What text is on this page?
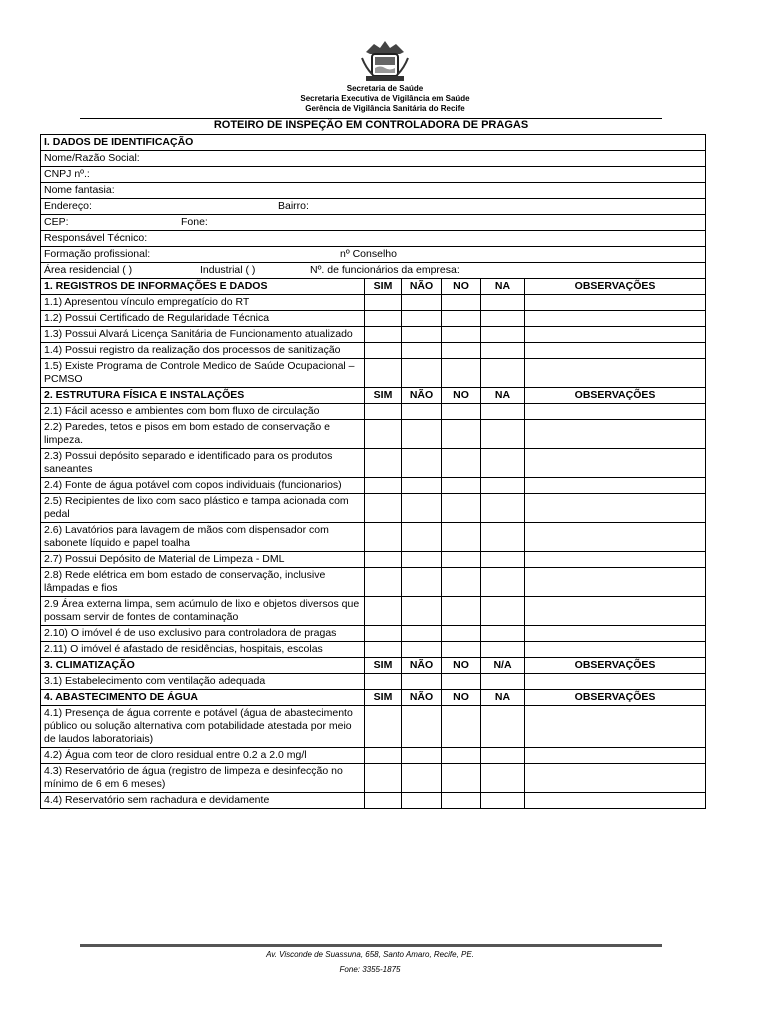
Secretaria de Saúde
Secretaria Executiva de Vigilância em Saúde
Gerência de Vigilância Sanitária do Recife
ROTEIRO DE INSPEÇÃO EM CONTROLADORA DE PRAGAS
I. DADOS DE IDENTIFICAÇÃO					
Nome/Razão Social:					
CNPJ nº.:					
Nome fantasia:					
Endereço: Bairro:					
CEP: Fone:					
Responsável Técnico:					
Formação profissional: nº Conselho					
Área residencial ( ) Industrial ( ) Nº. de funcionários da empresa:					
1. REGISTROS DE INFORMAÇÕES E DADOS	SIM	NÃO	NO	NA	OBSERVAÇÕES
1.1) Apresentou vínculo empregatício do RT					
1.2) Possui Certificado de Regularidade Técnica					
1.3) Possui Alvará Licença Sanitária de Funcionamento atualizado					
1.4) Possui registro da realização dos processos de sanitização					
1.5) Existe Programa de Controle Medico de Saúde Ocupacional – PCMSO					
2. ESTRUTURA FÍSICA E INSTALAÇÕES	SIM	NÃO	NO	NA	OBSERVAÇÕES
2.1) Fácil acesso e ambientes com bom fluxo de circulação					
2.2) Paredes, tetos e pisos em bom estado de conservação e limpeza.					
2.3) Possui depósito separado e identificado para os produtos saneantes					
2.4) Fonte de água potável com copos individuais (funcionarios)					
2.5) Recipientes de lixo com saco plástico e tampa acionada com pedal					
2.6) Lavatórios para lavagem de mãos com dispensador com sabonete líquido e papel toalha					
2.7) Possui Depósito de Material de Limpeza - DML					
2.8) Rede elétrica em bom estado de conservação, inclusive lâmpadas e fios					
2.9 Área externa limpa, sem acúmulo de lixo e objetos diversos que possam servir de fontes de contaminação					
2.10) O imóvel é de uso exclusivo para controladora de pragas					
2.11) O imóvel é afastado de residências, hospitais, escolas					
3. CLIMATIZAÇÃO	SIM	NÃO	NO	N/A	OBSERVAÇÕES
3.1) Estabelecimento com ventilação adequada					
4. ABASTECIMENTO DE ÁGUA	SIM	NÃO	NO	NA	OBSERVAÇÕES
4.1) Presença de água corrente e potável (água de abastecimento público ou solução alternativa com potabilidade atestada por meio de laudos laboratoriais)					
4.2) Água com teor de cloro residual entre 0.2 a 2.0 mg/l					
4.3) Reservatório de água (registro de limpeza e desinfecção no mínimo de 6 em 6 meses)					
4.4) Reservatório sem rachadura e devidamente					
Av. Visconde de Suassuna, 658, Santo Amaro, Recife, PE.
Fone: 3355-1875
